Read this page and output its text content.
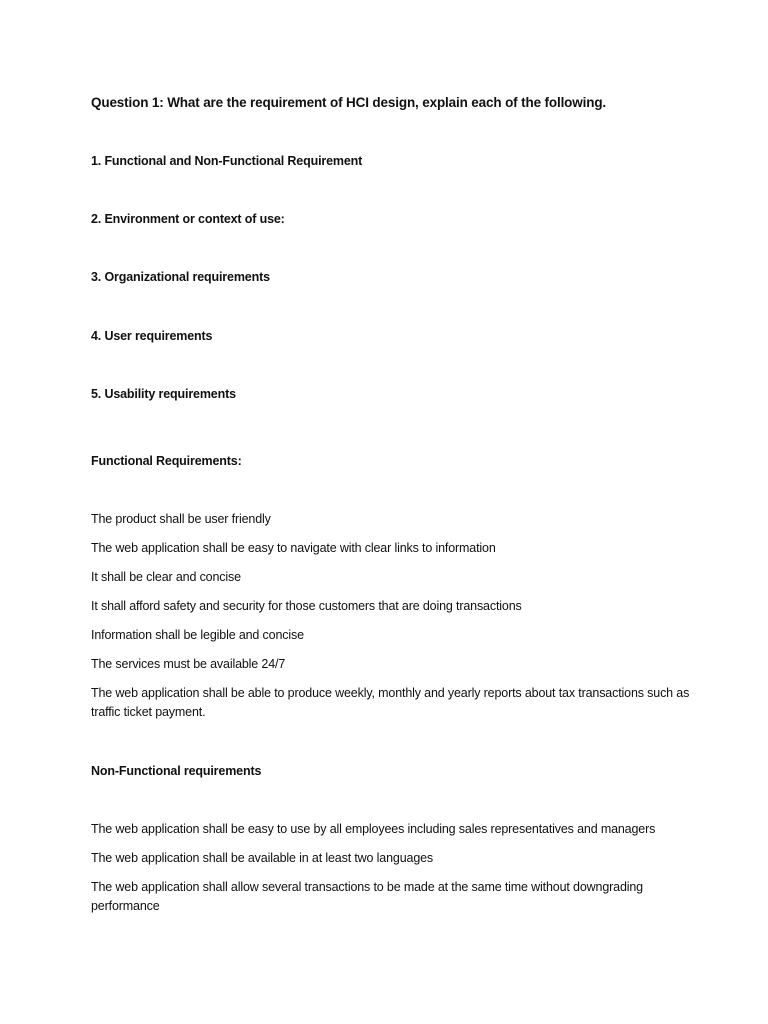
Question 1: What are the requirement of HCI design, explain each of the following.
1. Functional and Non-Functional Requirement
2. Environment or context of use:
3. Organizational requirements
4. User requirements
5. Usability requirements
Functional Requirements:
The product shall be user friendly
The web application shall be easy to navigate with clear links to information
It shall be clear and concise
It shall afford safety and security for those customers that are doing transactions
Information shall be legible and concise
The services must be available 24/7
The web application shall be able to produce weekly, monthly and yearly reports about tax transactions such as traffic ticket payment.
Non-Functional requirements
The web application shall be easy to use by all employees including sales representatives and managers
The web application shall be available in at least two languages
The web application shall allow several transactions to be made at the same time without downgrading performance
